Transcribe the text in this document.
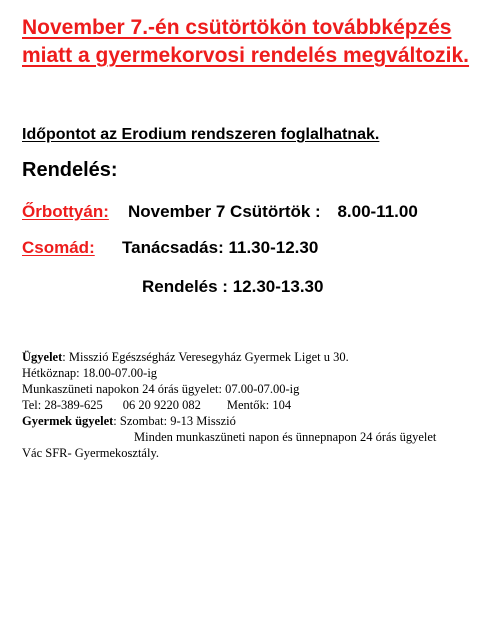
November 7.-én csütörtökön továbbképzés
miatt a gyermekorvosi rendelés megváltozik.
Időpontot az Erodium rendszeren foglalhatnak.
Rendelés:
Őrbottyán: November 7 Csütörtök : 8.00-11.00
Csomád: Tanácsadás: 11.30-12.30
Rendelés : 12.30-13.30
Ügyelet: Misszió Egészségház Veresegyház Gyermek Liget u 30.
Hétköznap: 18.00-07.00-ig
Munkaszüneti napokon 24 órás ügyelet: 07.00-07.00-ig
Tel: 28-389-625 06 20 9220 082 Mentők: 104
Gyermek ügyelet: Szombat: 9-13 Misszió
Minden munkaszüneti napon és ünnepnapon 24 órás ügyelet
Vác SFR- Gyermekosztály.
